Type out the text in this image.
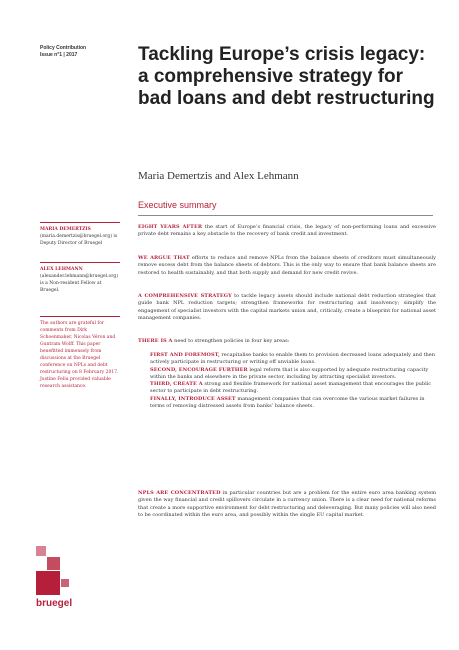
Policy Contribution
Issue n°1 | 2017	Tackling Europe’s crisis legacy: a comprehensive strategy for bad loans and debt restructuring
Maria Demertzis and Alex Lehmann
Executive summary
MARIA DEMERTZIS (maria.demertzis@bruegel.org) is Deputy Director of Bruegel
ALEX LEHMANN (alexander.lehmann@bruegel.org) is a Non-resident Fellow at Bruegel.
The authors are grateful for comments from Dirk Schoenmaker, Nicolas Véron and Guntram Wolff. This paper benefitted immensely from discussions at the Bruegel conference on NPLs and debt restructuring on 8 February 2017. Justine Feliu provided valuable research assistance.

EIGHT YEARS AFTER the start of Europe’s financial crisis, the legacy of non-performing loans and excessive private debt remains a key obstacle to the recovery of bank credit and investment.

WE ARGUE THAT efforts to reduce and remove NPLs from the balance sheets of creditors must simultaneously remove excess debt from the balance sheets of debtors. This is the only way to ensure that bank balance sheets are restored to health sustainably, and that both supply and demand for new credit revive.

A COMPREHENSIVE STRATEGY to tackle legacy assets should include national debt reduction strategies that guide bank NPL reduction targets; strengthen frameworks for restructuring and insolvency; simplify the engagement of specialist investors with the capital markets union and, critically, create a blueprint for national asset management companies.

THERE IS A need to strengthen policies in four key areas:

FIRST AND FOREMOST, recapitalise banks to enable them to provision decreased loans adequately and then actively participate in restructuring or writing off unviable loans.
SECOND, ENCOURAGE FURTHER legal reform that is also supported by adequate restructuring capacity within the banks and elsewhere in the private sector, including by attracting specialist investors.
THIRD, CREATE A strong and flexible framework for national asset management that encourages the public sector to participate in debt restructuring.
FINALLY, INTRODUCE ASSET management companies that can overcome the various market failures in terms of removing distressed assets from banks’ balance sheets.

NPLS ARE CONCENTRATED in particular countries but are a problem for the entire euro area banking system given the way financial and credit spillovers circulate in a currency union. There is a clear need for national reforms that create a more supportive environment for debt restructuring and deleveraging. But many policies will also need to be coordinated within the euro area, and possibly within the single EU capital market.

bruegel
